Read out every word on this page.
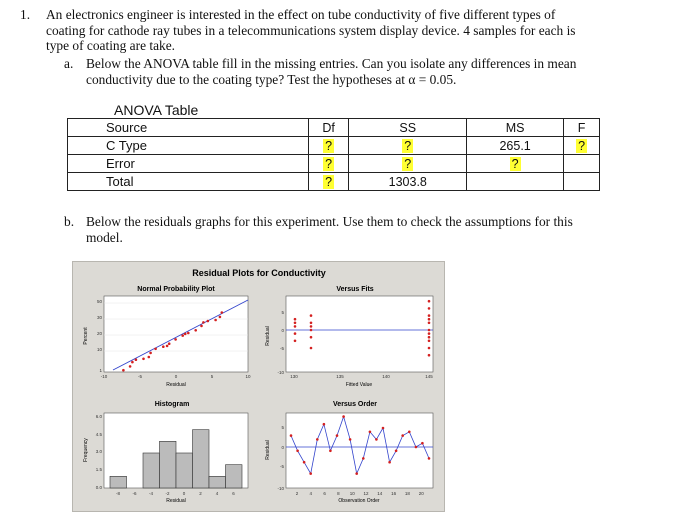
1. An electronics engineer is interested in the effect on tube conductivity of five different types of
coating for cathode ray tubes in a telecommunications system display device. 4 samples for each is
type of coating are take.
a. Below the ANOVA table fill in the missing entries. Can you isolate any differences in mean
conductivity due to the coating type? Test the hypotheses at α = 0.05.
ANOVA Table
Source	Df	SS	MS	F
C Type	?	?	265.1	?
Error	?	?	?	
Total	?	1303.8		
b. Below the residuals graphs for this experiment. Use them to check the assumptions for this
model.
Residual Plots for Conductivity
Normal Probability Plot
50
30
20
10
1
-10	-5	0	5	10
Residual
Percent
Versus Fits
5
0
-5
-10
130	135	140	145
Fitted Value
Residual
Histogram
6.0
4.5
3.0
1.5
0.0
-8	-6	-4	-2	0	2	4	6
Residual
Frequency
Versus Order
5
0
-5
-10
2	4	6	8 10 12 14 16 18 20
Observation Order
Residual
